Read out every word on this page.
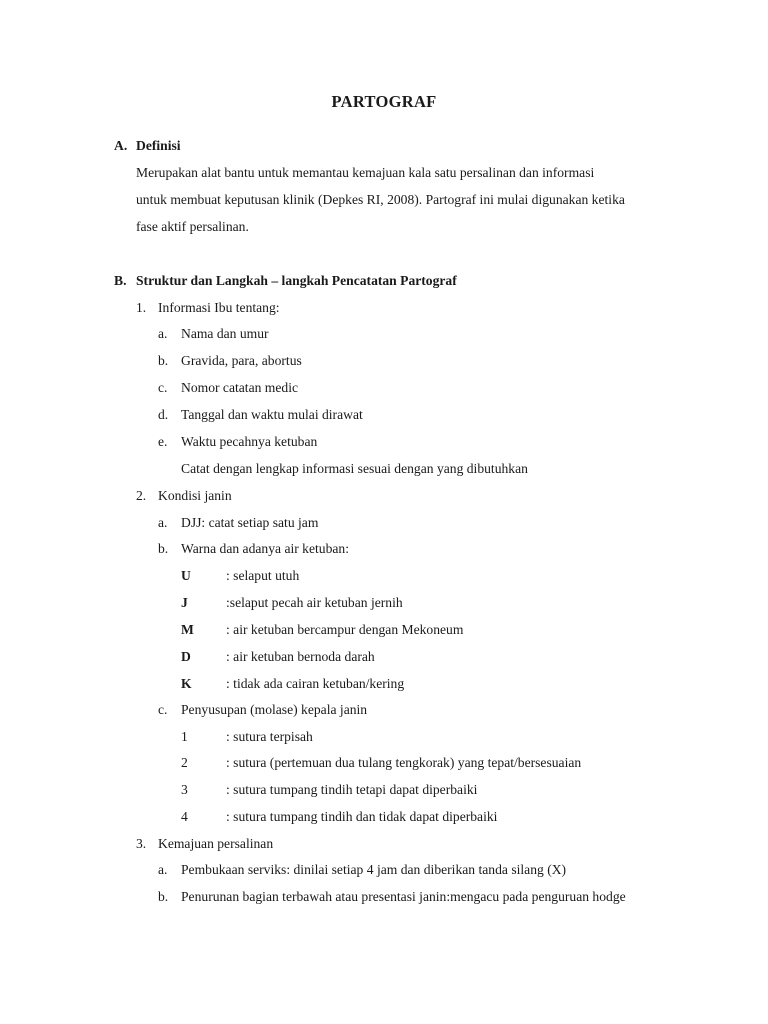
PARTOGRAF
A. Definisi
Merupakan alat bantu untuk memantau kemajuan kala satu persalinan dan informasi
untuk membuat keputusan klinik (Depkes RI, 2008). Partograf ini mulai digunakan ketika
fase aktif persalinan.
B. Struktur dan Langkah – langkah Pencatatan Partograf
1. Informasi Ibu tentang:
a. Nama dan umur
b. Gravida, para, abortus
c. Nomor catatan medic
d. Tanggal dan waktu mulai dirawat
e. Waktu pecahnya ketuban
Catat dengan lengkap informasi sesuai dengan yang dibutuhkan
2. Kondisi janin
a. DJJ: catat setiap satu jam
b. Warna dan adanya air ketuban:
U	: selaput utuh
J	:selaput pecah air ketuban jernih
M : air ketuban bercampur dengan Mekoneum
D	: air ketuban bernoda darah
K	: tidak ada cairan ketuban/kering
c. Penyusupan (molase) kepala janin
1	: sutura terpisah
2	: sutura (pertemuan dua tulang tengkorak) yang tepat/bersesuaian
3	: sutura tumpang tindih tetapi dapat diperbaiki
4	: sutura tumpang tindih dan tidak dapat diperbaiki
3. Kemajuan persalinan
a. Pembukaan serviks: dinilai setiap 4 jam dan diberikan tanda silang (X)
b. Penurunan bagian terbawah atau presentasi janin:mengacu pada penguruan hodge
